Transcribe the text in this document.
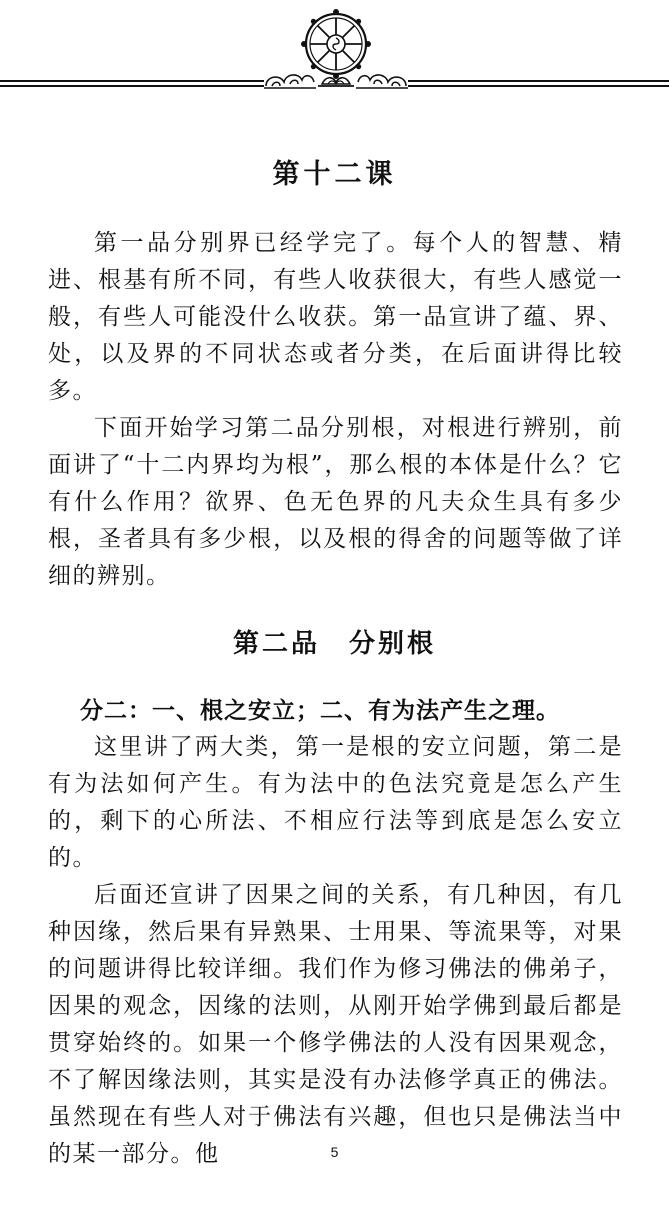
第十二课

第一品分别界已经学完了。每个人的智慧、精进、根基有所不同，有些人收获很大，有些人感觉一般，有些人可能没什么收获。第一品宣讲了蕴、界、处，以及界的不同状态或者分类，在后面讲得比较多。

下面开始学习第二品分别根，对根进行辨别，前面讲了“十二内界均为根”，那么根的本体是什么？它有什么作用？欲界、色无色界的凡夫众生具有多少根，圣者具有多少根，以及根的得舍的问题等做了详细的辨别。

第二品　分别根
分二：一、根之安立；二、有为法产生之理。

这里讲了两大类，第一是根的安立问题，第二是有为法如何产生。有为法中的色法究竟是怎么产生的，剩下的心所法、不相应行法等到底是怎么安立的。

后面还宣讲了因果之间的关系，有几种因，有几种因缘，然后果有异熟果、士用果、等流果等，对果的问题讲得比较详细。我们作为修习佛法的佛弟子，因果的观念，因缘的法则，从刚开始学佛到最后都是贯穿始终的。如果一个修学佛法的人没有因果观念，不了解因缘法则，其实是没有办法修学真正的佛法。虽然现在有些人对于佛法有兴趣，但也只是佛法当中的某一部分。他	5
